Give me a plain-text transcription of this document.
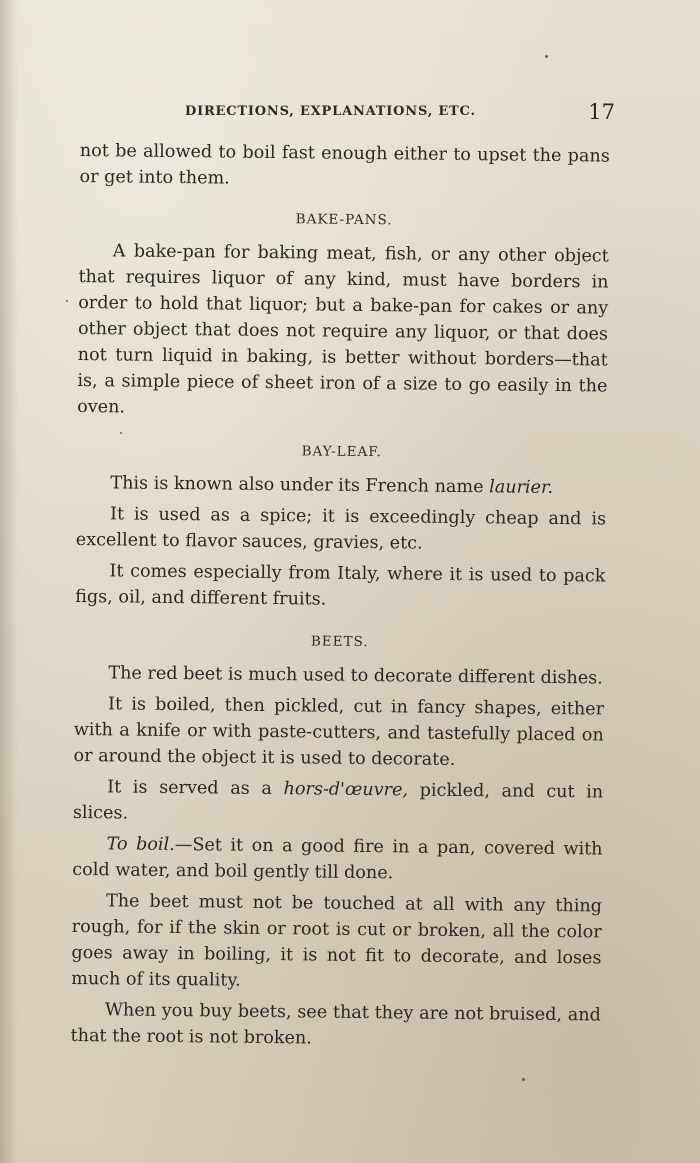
DIRECTIONS, EXPLANATIONS, ETC.	17

not be allowed to boil fast enough either to upset the pans or get into them.

BAKE-PANS.

A bake-pan for baking meat, fish, or any other object that requires liquor of any kind, must have borders in order to hold that liquor; but a bake-pan for cakes or any other object that does not require any liquor, or that does not turn liquid in baking, is better without borders—that is, a simple piece of sheet iron of a size to go easily in the oven.

BAY-LEAF.

This is known also under its French name laurier.

It is used as a spice; it is exceedingly cheap and is excellent to flavor sauces, gravies, etc.

It comes especially from Italy, where it is used to pack figs, oil, and different fruits.

BEETS.

The red beet is much used to decorate different dishes.

It is boiled, then pickled, cut in fancy shapes, either with a knife or with paste-cutters, and tastefully placed on or around the object it is used to decorate.

It is served as a hors-d'œuvre, pickled, and cut in slices.

To boil.—Set it on a good fire in a pan, covered with cold water, and boil gently till done.

The beet must not be touched at all with any thing rough, for if the skin or root is cut or broken, all the color goes away in boiling, it is not fit to decorate, and loses much of its quality.

When you buy beets, see that they are not bruised, and that the root is not broken.
